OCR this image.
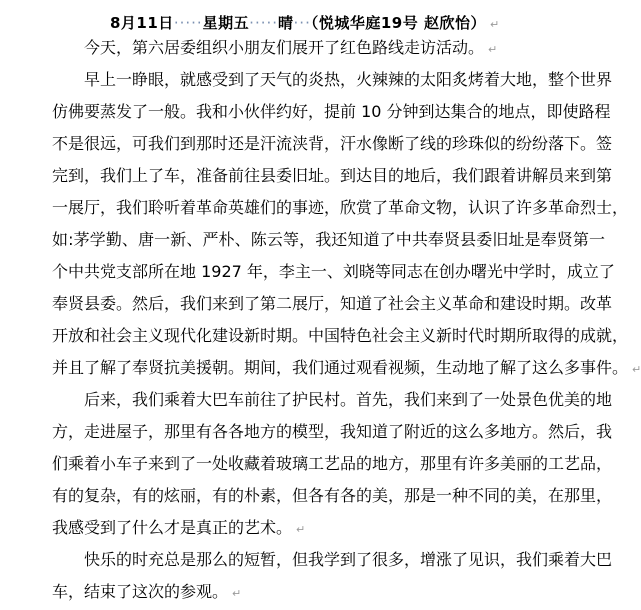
8月11日·····星期五·····晴···（悦城华庭19号 赵欣怡） ↵
今天，第六居委组织小朋友们展开了红色路线走访活动。 ↵
早上一睁眼，就感受到了天气的炎热，火辣辣的太阳炙烤着大地，整个世界
仿佛要蒸发了一般。我和小伙伴约好，提前 10 分钟到达集合的地点，即使路程
不是很远，可我们到那时还是汗流浃背，汗水像断了线的珍珠似的纷纷落下。签
完到，我们上了车，准备前往县委旧址。到达目的地后，我们跟着讲解员来到第
一展厅，我们聆听着革命英雄们的事迹，欣赏了革命文物，认识了许多革命烈士，
如:茅学勤、唐一新、严朴、陈云等，我还知道了中共奉贤县委旧址是奉贤第一
个中共党支部所在地 1927 年，李主一、刘晓等同志在创办曙光中学时，成立了
奉贤县委。然后，我们来到了第二展厅，知道了社会主义革命和建设时期。改革
开放和社会主义现代化建设新时期。中国特色社会主义新时代时期所取得的成就，
并且了解了奉贤抗美援朝。期间，我们通过观看视频，生动地了解了这么多事件。 ↵
后来，我们乘着大巴车前往了护民村。首先，我们来到了一处景色优美的地
方，走进屋子，那里有各各地方的模型，我知道了附近的这么多地方。然后，我
们乘着小车子来到了一处收藏着玻璃工艺品的地方，那里有许多美丽的工艺品，
有的复杂，有的炫丽，有的朴素，但各有各的美，那是一种不同的美，在那里，
我感受到了什么才是真正的艺术。 ↵
快乐的时充总是那么的短暂，但我学到了很多，增涨了见识，我们乘着大巴
车，结束了这次的参观。 ↵
